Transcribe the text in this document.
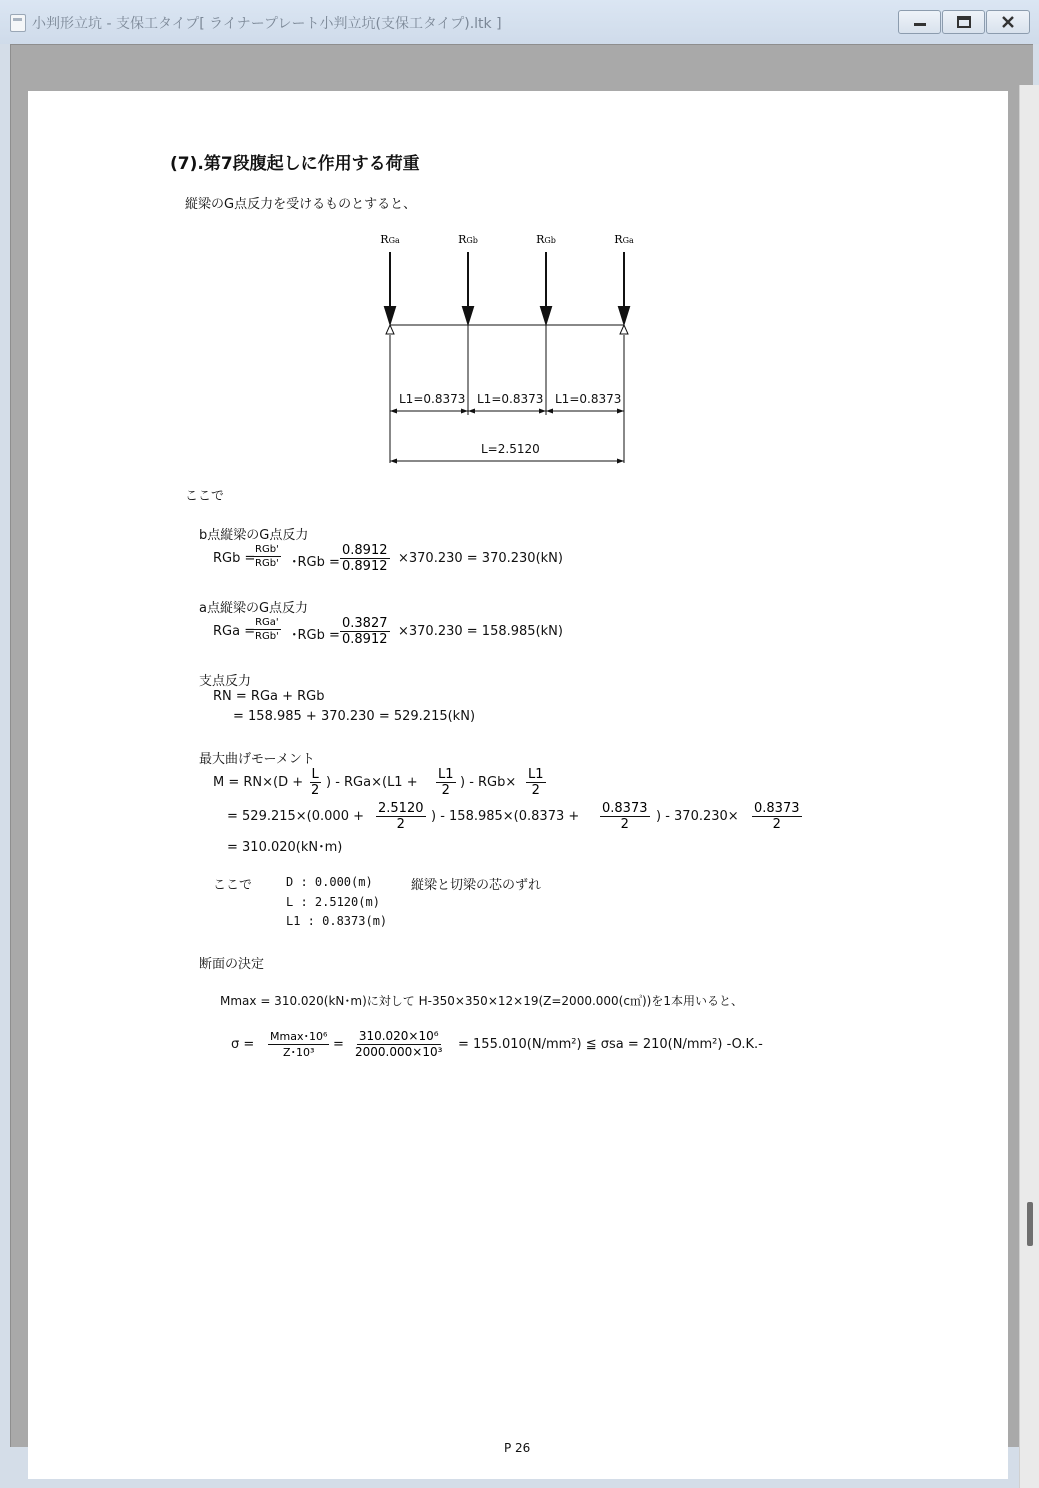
小判形立坑 - 支保工タイプ[ ライナープレート小判立坑(支保工タイプ).ltk ]
(7).第7段腹起しに作用する荷重
縦梁のG点反力を受けるものとすると、
RGa	RGb	RGb	RGa
L1=0.8373 L1=0.8373 L1=0.8373
L=2.5120
ここで
b点縦梁のG点反力
RGb =
RGb'
RGb' ･RGb = $\frac{0.8912}{0.8912} \times 370.230 = 370.230(kN)$
a点縦梁のG点反力
RGa =
RGa'
RGb' ･RGb = $\frac{0.3827}{0.8912} \times 370.230 = 158.985(kN)$
支点反力
RN = RGa + RGb
= 158.985 + 370.230 = 529.215(kN)
最大曲げモーメント
$M = RN\times(D + \frac{L}{2}$ ) - $RGa\times(L1 + \frac{L1}{2}$ ) - $RGb\times \frac{L1}{2}$
= $529.215\times(0.000 + \frac{2.5120}{2}$ ) - $158.985\times(0.8373 + \frac{0.8373}{2}$ ) - $370.230\times \frac{0.8373}{2}$
= 310.020(kN･m)
ここで	D : 0.000(m)	縦梁と切梁の芯のずれ
L : 2.5120(m)
L1 : 0.8373(m)
断面の決定
Mmax = 310.020(kN･m)に対して H-350×350×12×19(Z=2000.000(c㎥))を1本用いると、
σ =
Mmax･10⁶
Z･10³
= $\frac{\text{310.020×10⁶}}{\text{2000.000×10³}} = 155.010(N/mm^2)$ ≦ σsa = 210(N/mm²) -O.K.-
P 26
